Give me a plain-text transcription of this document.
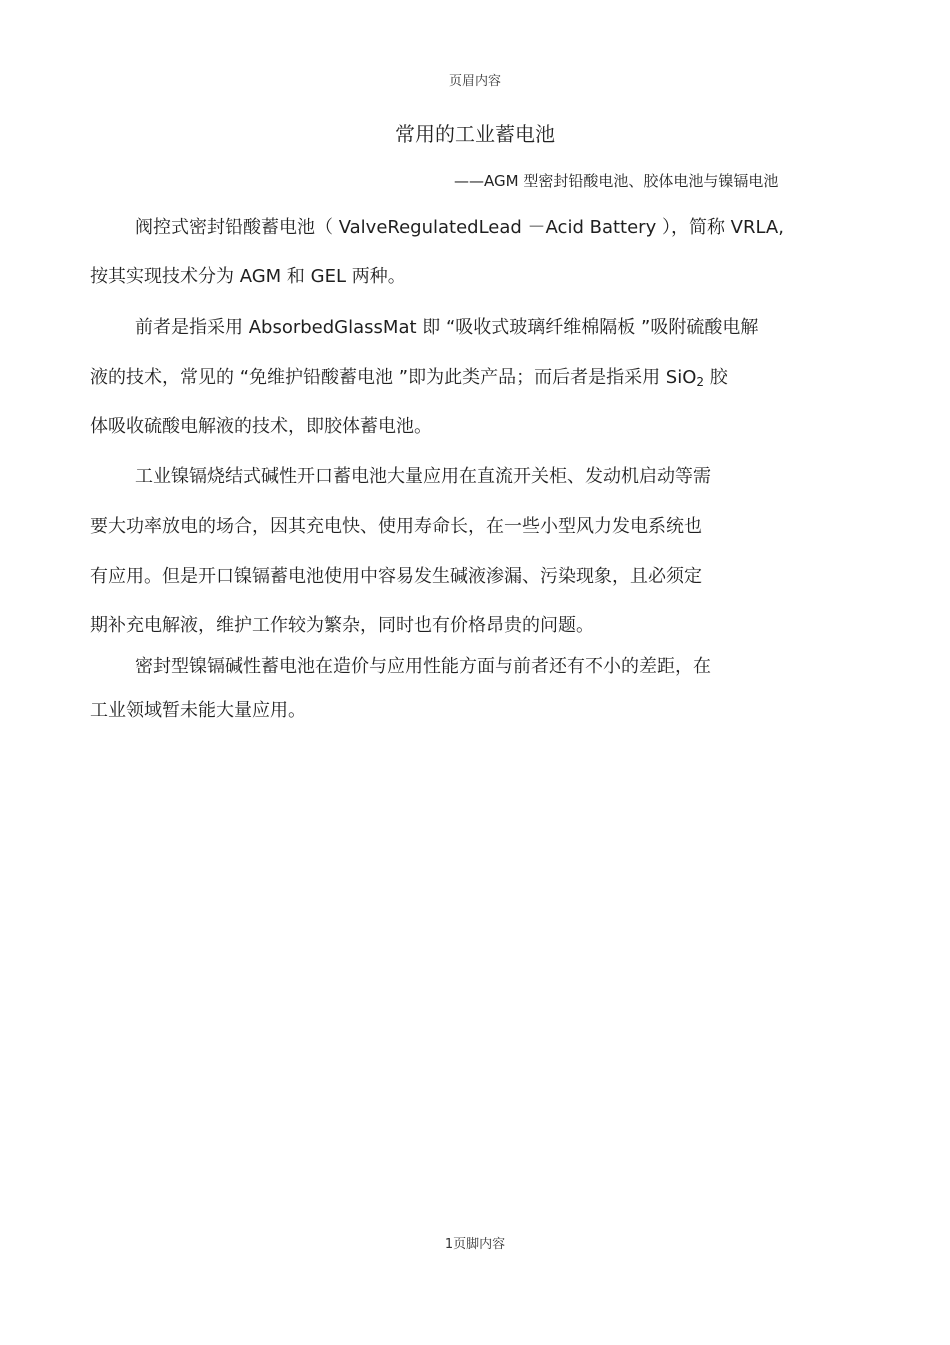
页眉内容
常用的工业蓄电池
——AGM 型密封铅酸电池、胶体电池与镍镉电池
阀控式密封铅酸蓄电池（ ValveRegulatedLead －Acid Battery ），简称 VRLA,
按其实现技术分为 AGM 和 GEL 两种。
前者是指采用 AbsorbedGlassMat 即 “吸收式玻璃纤维棉隔板 ”吸附硫酸电解
液的技术，常见的 “免维护铅酸蓄电池 ”即为此类产品；而后者是指采用 SiO$_2$ 胶
体吸收硫酸电解液的技术，即胶体蓄电池。
工业镍镉烧结式碱性开口蓄电池大量应用在直流开关柜、发动机启动等需
要大功率放电的场合，因其充电快、使用寿命长，在一些小型风力发电系统也
有应用。但是开口镍镉蓄电池使用中容易发生碱液渗漏、污染现象，且必须定
期补充电解液，维护工作较为繁杂，同时也有价格昂贵的问题。
密封型镍镉碱性蓄电池在造价与应用性能方面与前者还有不小的差距，在
工业领域暂未能大量应用。
1页脚内容
